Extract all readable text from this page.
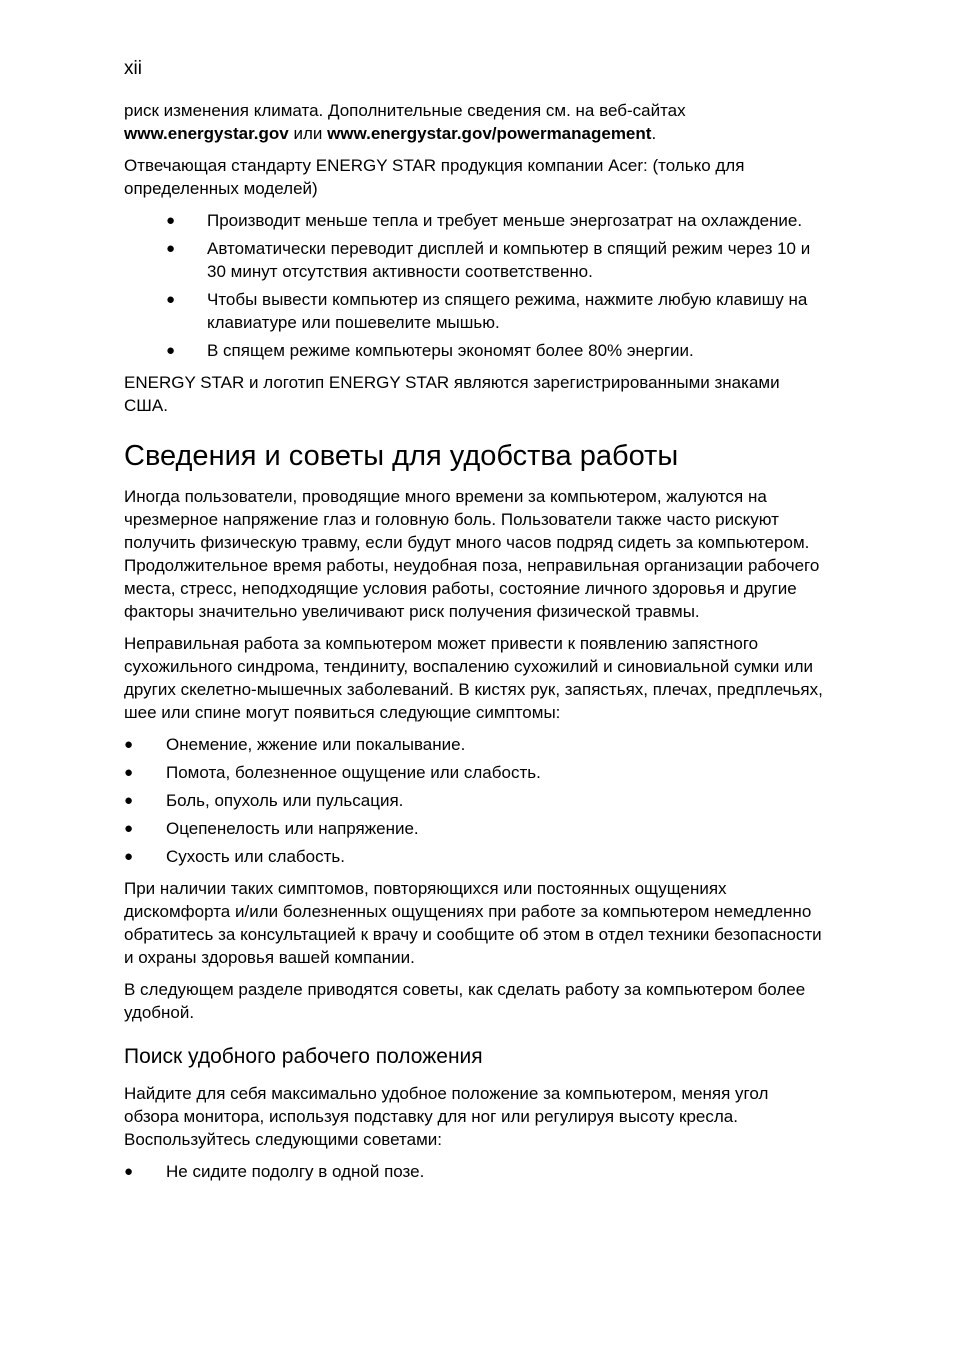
xii

риск изменения климата. Дополнительные сведения см. на веб-сайтах
www.energystar.gov или www.energystar.gov/powermanagement.

Отвечающая стандарту ENERGY STAR продукция компании Acer: (только для определенных моделей)

● Производит меньше тепла и требует меньше энергозатрат на охлаждение.
● Автоматически переводит дисплей и компьютер в спящий режим через 10 и 30 минут отсутствия активности соответственно.
● Чтобы вывести компьютер из спящего режима, нажмите любую клавишу на клавиатуре или пошевелите мышью.
● В спящем режиме компьютеры экономят более 80% энергии.

ENERGY STAR и логотип ENERGY STAR являются зарегистрированными знаками США.

Сведения и советы для удобства работы

Иногда пользователи, проводящие много времени за компьютером, жалуются на чрезмерное напряжение глаз и головную боль. Пользователи также часто рискуют получить физическую травму, если будут много часов подряд сидеть за компьютером. Продолжительное время работы, неудобная поза, неправильная организации рабочего места, стресс, неподходящие условия работы, состояние личного здоровья и другие факторы значительно увеличивают риск получения физической травмы.

Неправильная работа за компьютером может привести к появлению запястного сухожильного синдрома, тендиниту, воспалению сухожилий и синовиальной сумки или других скелетно-мышечных заболеваний. В кистях рук, запястьях, плечах, предплечьях, шее или спине могут появиться следующие симптомы:

● Онемение, жжение или покалывание.
● Помота, болезненное ощущение или слабость.
● Боль, опухоль или пульсация.
● Оцепенелость или напряжение.
● Сухость или слабость.

При наличии таких симптомов, повторяющихся или постоянных ощущениях дискомфорта и/или болезненных ощущениях при работе за компьютером немедленно обратитесь за консультацией к врачу и сообщите об этом в отдел техники безопасности и охраны здоровья вашей компании.

В следующем разделе приводятся советы, как сделать работу за компьютером более удобной.

Поиск удобного рабочего положения

Найдите для себя максимально удобное положение за компьютером, меняя угол обзора монитора, используя подставку для ног или регулируя высоту кресла. Воспользуйтесь следующими советами:

● Не сидите подолгу в одной позе.
